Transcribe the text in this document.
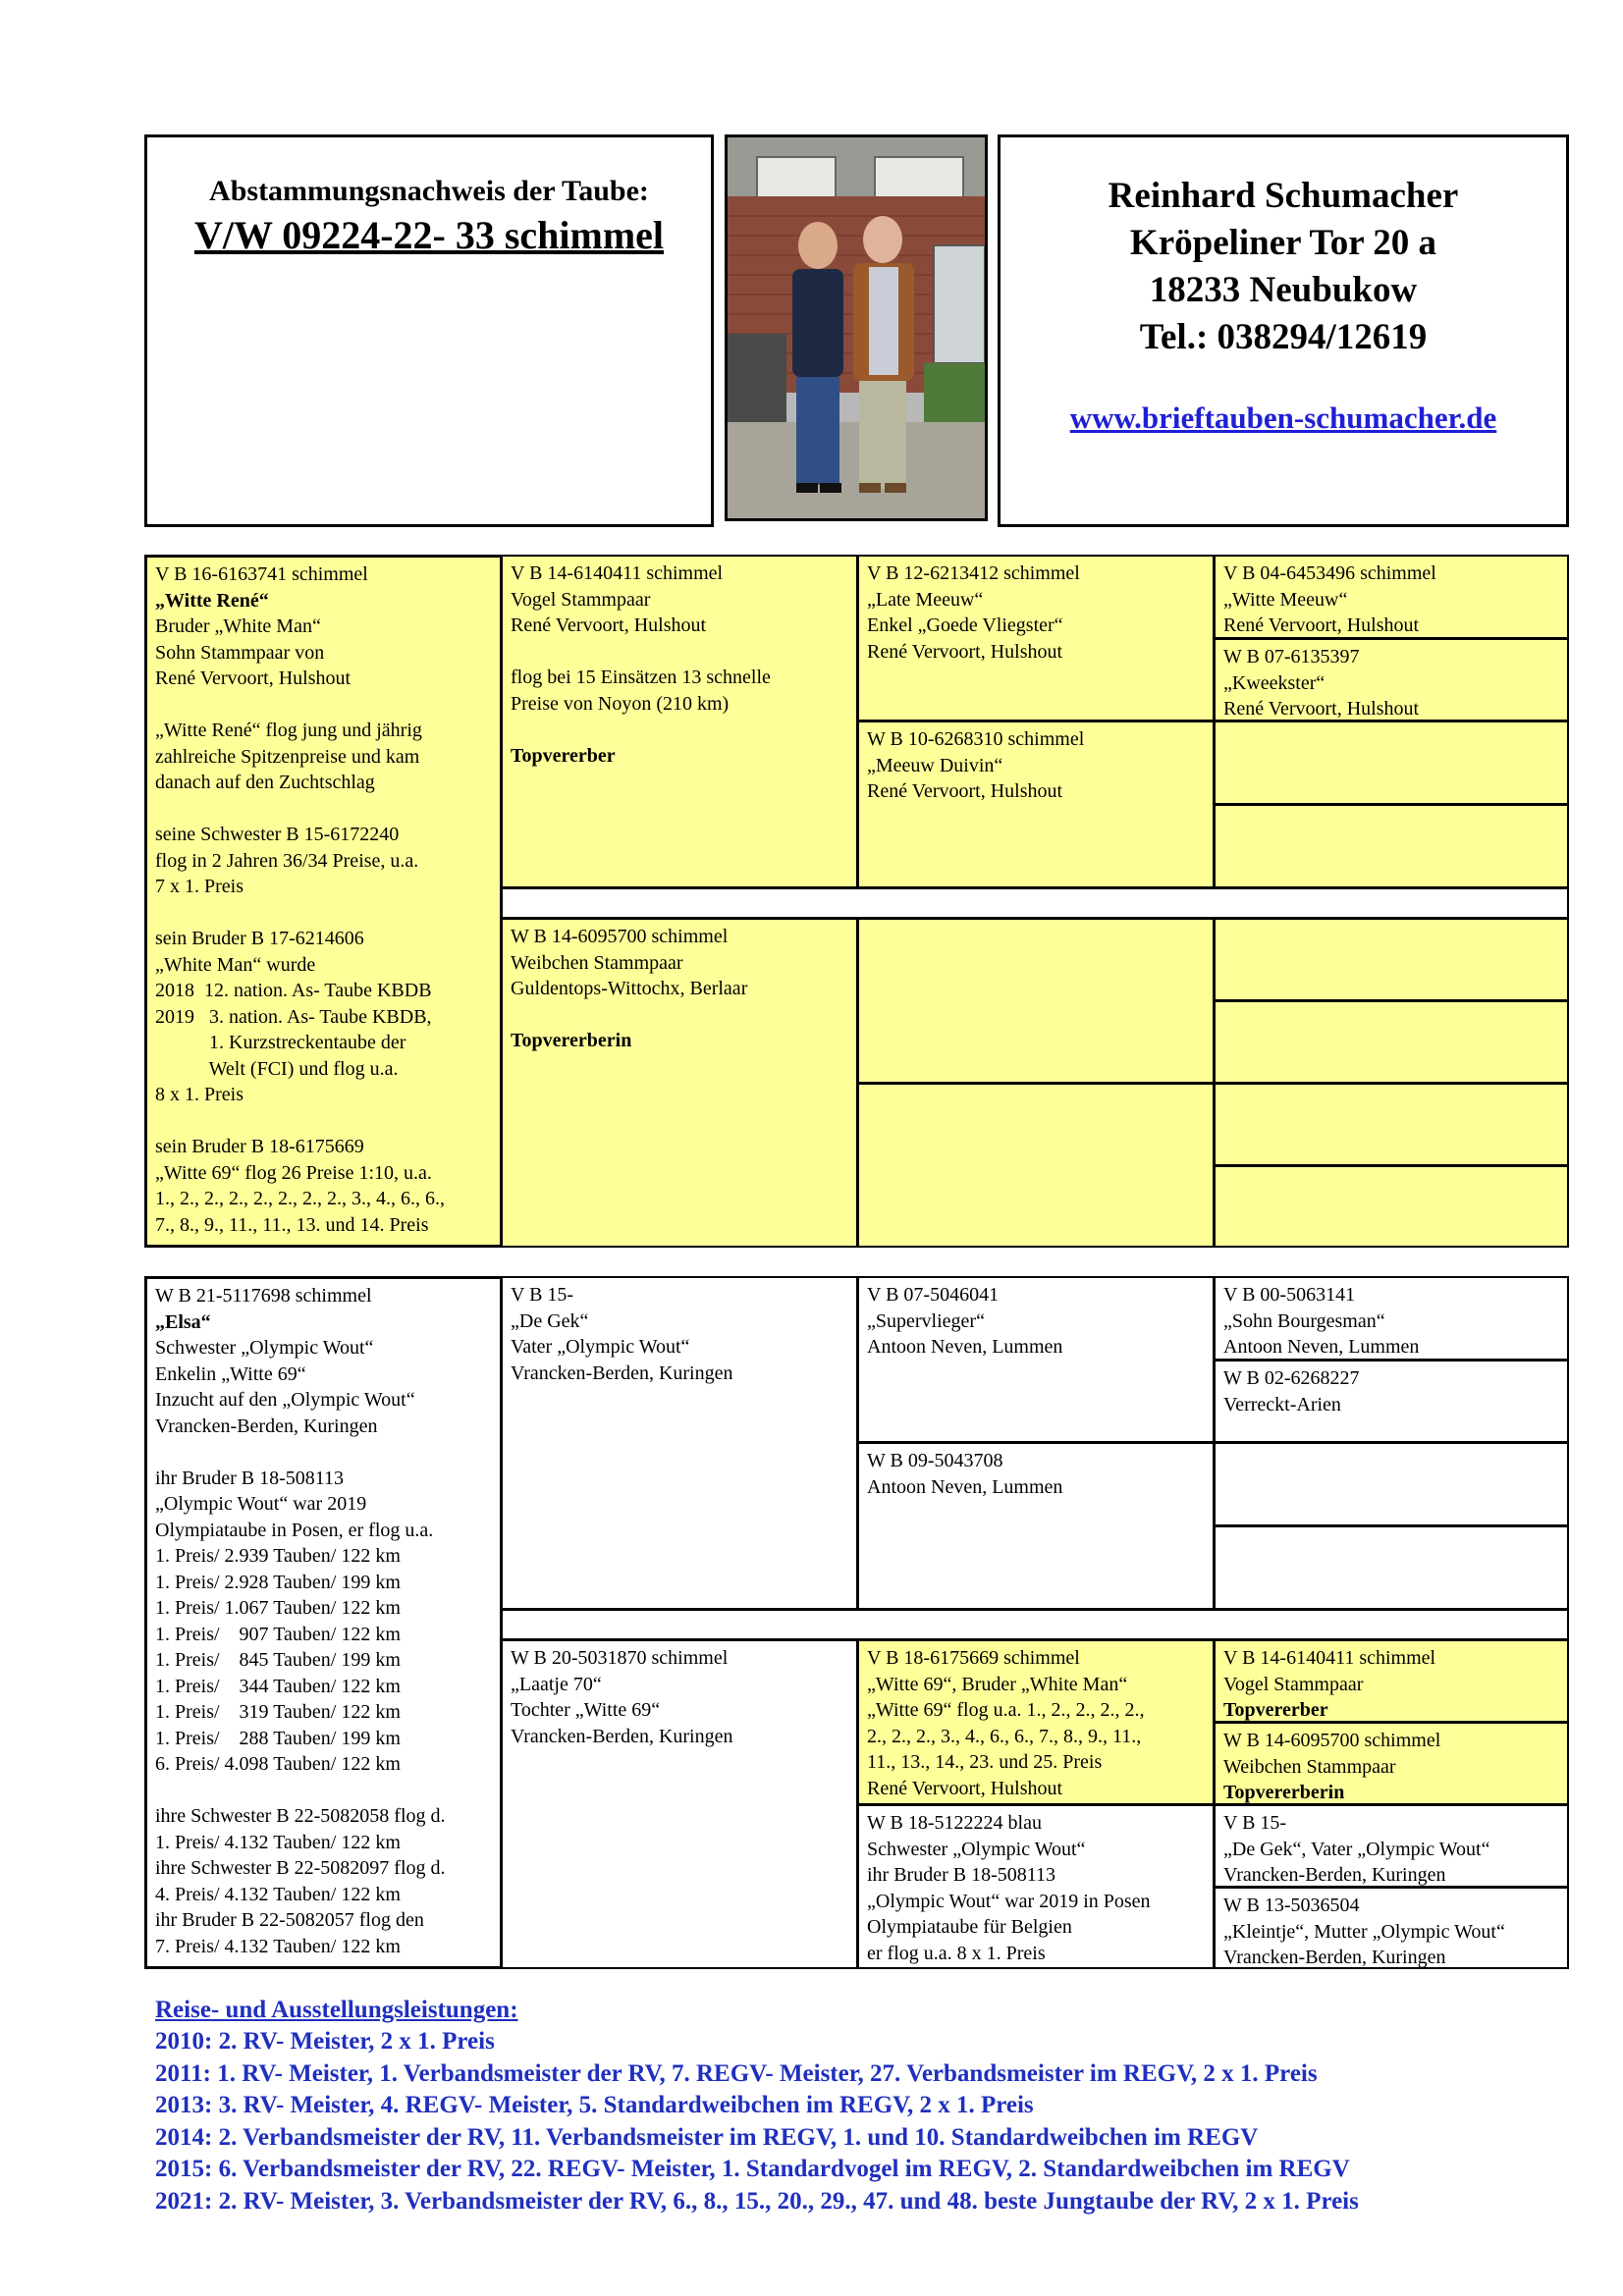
Abstammungsnachweis der Taube:
V/W 09224-22- 33 schimmel
Reinhard Schumacher
Kröpeliner Tor 20 a
18233 Neubukow
Tel.: 038294/12619
www.brieftauben-schumacher.de
V B 16-6163741 schimmel
„Witte René“
Bruder „White Man“
Sohn Stammpaar von
René Vervoort, Hulshout

„Witte René“ flog jung und jährig
zahlreiche Spitzenpreise und kam
danach auf den Zuchtschlag

seine Schwester B 15-6172240
flog in 2 Jahren 36/34 Preise, u.a.
7 x 1. Preis

sein Bruder B 17-6214606
„White Man“ wurde
2018  12. nation. As- Taube KBDB
2019   3. nation. As- Taube KBDB,
1. Kurzstreckentaube der
Welt (FCI) und flog u.a.
8 x 1. Preis

sein Bruder B 18-6175669
„Witte 69“ flog 26 Preise 1:10, u.a.
1., 2., 2., 2., 2., 2., 2., 2., 3., 4., 6., 6.,
7., 8., 9., 11., 11., 13. und 14. Preis
V B 14-6140411 schimmel
Vogel Stammpaar
René Vervoort, Hulshout

flog bei 15 Einsätzen 13 schnelle
Preise von Noyon (210 km)

Topvererber
V B 12-6213412 schimmel
„Late Meeuw“
Enkel „Goede Vliegster“
René Vervoort, Hulshout
W B 10-6268310 schimmel
„Meeuw Duivin“
René Vervoort, Hulshout
V B 04-6453496 schimmel
„Witte Meeuw“
René Vervoort, Hulshout
W B 07-6135397
„Kweekster“
René Vervoort, Hulshout
W B 14-6095700 schimmel
Weibchen Stammpaar
Guldentops-Wittochx, Berlaar

Topvererberin
W B 21-5117698 schimmel
„Elsa“
Schwester „Olympic Wout“
Enkelin „Witte 69“
Inzucht auf den „Olympic Wout“
Vrancken-Berden, Kuringen

ihr Bruder B 18-508113
„Olympic Wout“ war 2019
Olympiataube in Posen, er flog u.a.
1. Preis/ 2.939 Tauben/ 122 km
1. Preis/ 2.928 Tauben/ 199 km
1. Preis/ 1.067 Tauben/ 122 km
1. Preis/    907 Tauben/ 122 km
1. Preis/    845 Tauben/ 199 km
1. Preis/    344 Tauben/ 122 km
1. Preis/    319 Tauben/ 122 km
1. Preis/    288 Tauben/ 199 km
6. Preis/ 4.098 Tauben/ 122 km

ihre Schwester B 22-5082058 flog d.
1. Preis/ 4.132 Tauben/ 122 km
ihre Schwester B 22-5082097 flog d.
4. Preis/ 4.132 Tauben/ 122 km
ihr Bruder B 22-5082057 flog den
7. Preis/ 4.132 Tauben/ 122 km
V B 15-
„De Gek“
Vater „Olympic Wout“
Vrancken-Berden, Kuringen
V B 07-5046041
„Supervlieger“
Antoon Neven, Lummen
W B 09-5043708
Antoon Neven, Lummen
V B 00-5063141
„Sohn Bourgesman“
Antoon Neven, Lummen
W B 02-6268227
Verreckt-Arien
W B 20-5031870 schimmel
„Laatje 70“
Tochter „Witte 69“
Vrancken-Berden, Kuringen
V B 18-6175669 schimmel
„Witte 69“, Bruder „White Man“
„Witte 69“ flog u.a. 1., 2., 2., 2., 2.,
2., 2., 2., 3., 4., 6., 6., 7., 8., 9., 11.,
11., 13., 14., 23. und 25. Preis
René Vervoort, Hulshout
W B 18-5122224 blau
Schwester „Olympic Wout“
ihr Bruder B 18-508113
„Olympic Wout“ war 2019 in Posen
Olympiataube für Belgien
er flog u.a. 8 x 1. Preis
V B 14-6140411 schimmel
Vogel Stammpaar
Topvererber
W B 14-6095700 schimmel
Weibchen Stammpaar
Topvererberin
V B 15-
„De Gek“, Vater „Olympic Wout“
Vrancken-Berden, Kuringen
W B 13-5036504
„Kleintje“, Mutter „Olympic Wout“
Vrancken-Berden, Kuringen
Reise- und Ausstellungsleistungen:
2010: 2. RV- Meister, 2 x 1. Preis
2011: 1. RV- Meister, 1. Verbandsmeister der RV, 7. REGV- Meister, 27. Verbandsmeister im REGV, 2 x 1. Preis
2013: 3. RV- Meister, 4. REGV- Meister, 5. Standardweibchen im REGV, 2 x 1. Preis
2014: 2. Verbandsmeister der RV, 11. Verbandsmeister im REGV, 1. und 10. Standardweibchen im REGV
2015: 6. Verbandsmeister der RV, 22. REGV- Meister, 1. Standardvogel im REGV, 2. Standardweibchen im REGV
2021: 2. RV- Meister, 3. Verbandsmeister der RV, 6., 8., 15., 20., 29., 47. und 48. beste Jungtaube der RV, 2 x 1. Preis
